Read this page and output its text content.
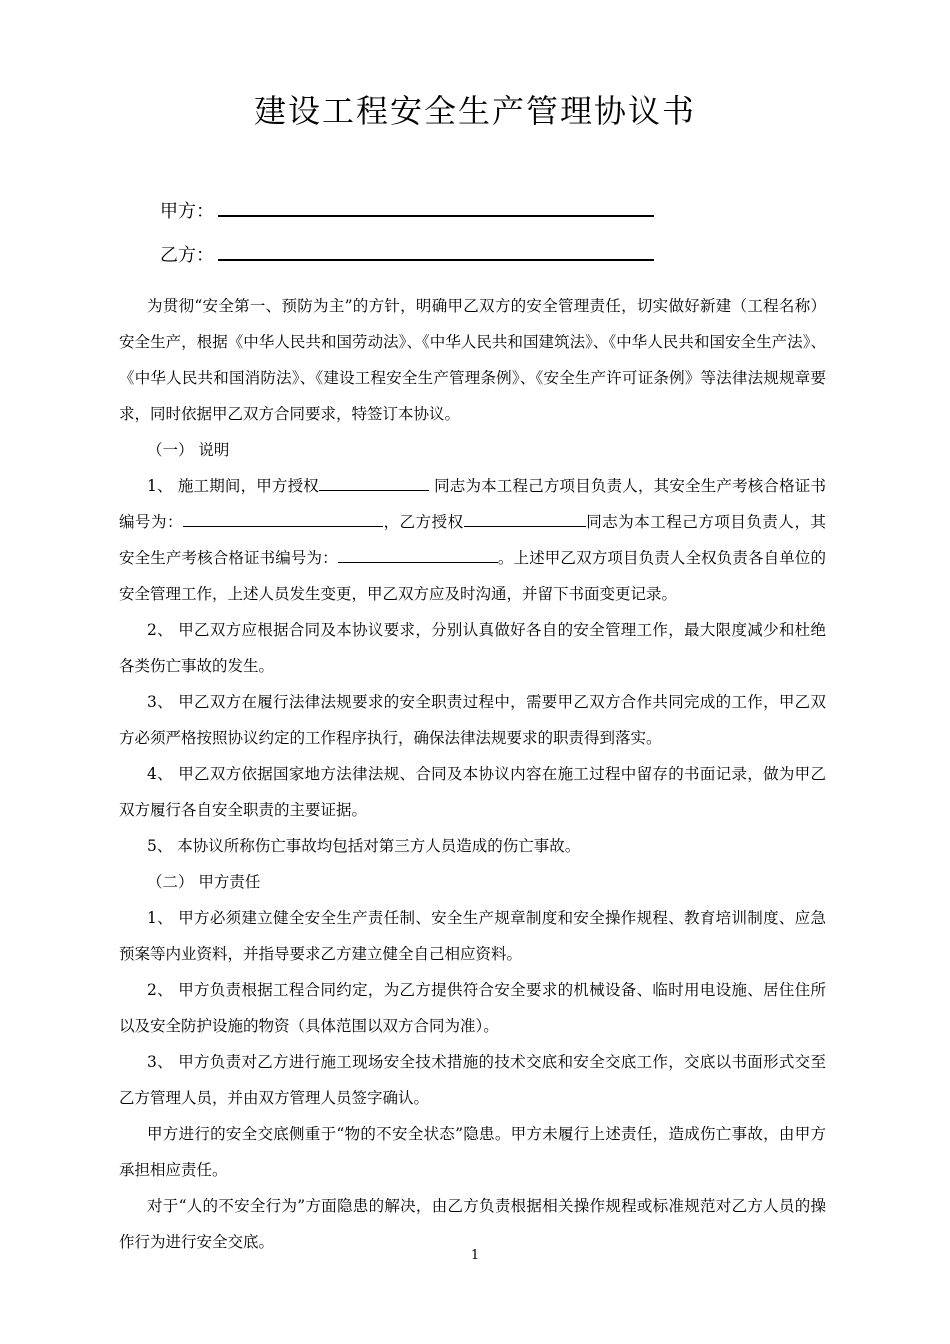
建设工程安全生产管理协议书
甲方：
乙方：

为贯彻“安全第一、预防为主”的方针，明确甲乙双方的安全管理责任，切实做好新建（工程名称）安全生产，根据《中华人民共和国劳动法》、《中华人民共和国建筑法》、《中华人民共和国安全生产法》、《中华人民共和国消防法》、《建设工程安全生产管理条例》、《安全生产许可证条例》等法律法规规章要求，同时依据甲乙双方合同要求，特签订本协议。

（一） 说明

1、 施工期间，甲方授权	同志为本工程己方项目负责人，其安全生产考核合格证书编号为：	，乙方授权	同志为本工程己方项目负责人，其安全生产考核合格证书编号为：	。上述甲乙双方项目负责人全权负责各自单位的安全管理工作，上述人员发生变更，甲乙双方应及时沟通，并留下书面变更记录。

2、 甲乙双方应根据合同及本协议要求，分别认真做好各自的安全管理工作，最大限度减少和杜绝各类伤亡事故的发生。

3、 甲乙双方在履行法律法规要求的安全职责过程中，需要甲乙双方合作共同完成的工作，甲乙双方必须严格按照协议约定的工作程序执行，确保法律法规要求的职责得到落实。

4、 甲乙双方依据国家地方法律法规、合同及本协议内容在施工过程中留存的书面记录，做为甲乙双方履行各自安全职责的主要证据。

5、 本协议所称伤亡事故均包括对第三方人员造成的伤亡事故。

（二） 甲方责任

1、 甲方必须建立健全安全生产责任制、安全生产规章制度和安全操作规程、教育培训制度、应急预案等内业资料，并指导要求乙方建立健全自己相应资料。

2、 甲方负责根据工程合同约定，为乙方提供符合安全要求的机械设备、临时用电设施、居住住所以及安全防护设施的物资（具体范围以双方合同为准）。

3、 甲方负责对乙方进行施工现场安全技术措施的技术交底和安全交底工作，交底以书面形式交至乙方管理人员，并由双方管理人员签字确认。

甲方进行的安全交底侧重于“物的不安全状态”隐患。甲方未履行上述责任，造成伤亡事故，由甲方承担相应责任。

对于“人的不安全行为”方面隐患的解决，由乙方负责根据相关操作规程或标准规范对乙方人员的操作行为进行安全交底。

1
